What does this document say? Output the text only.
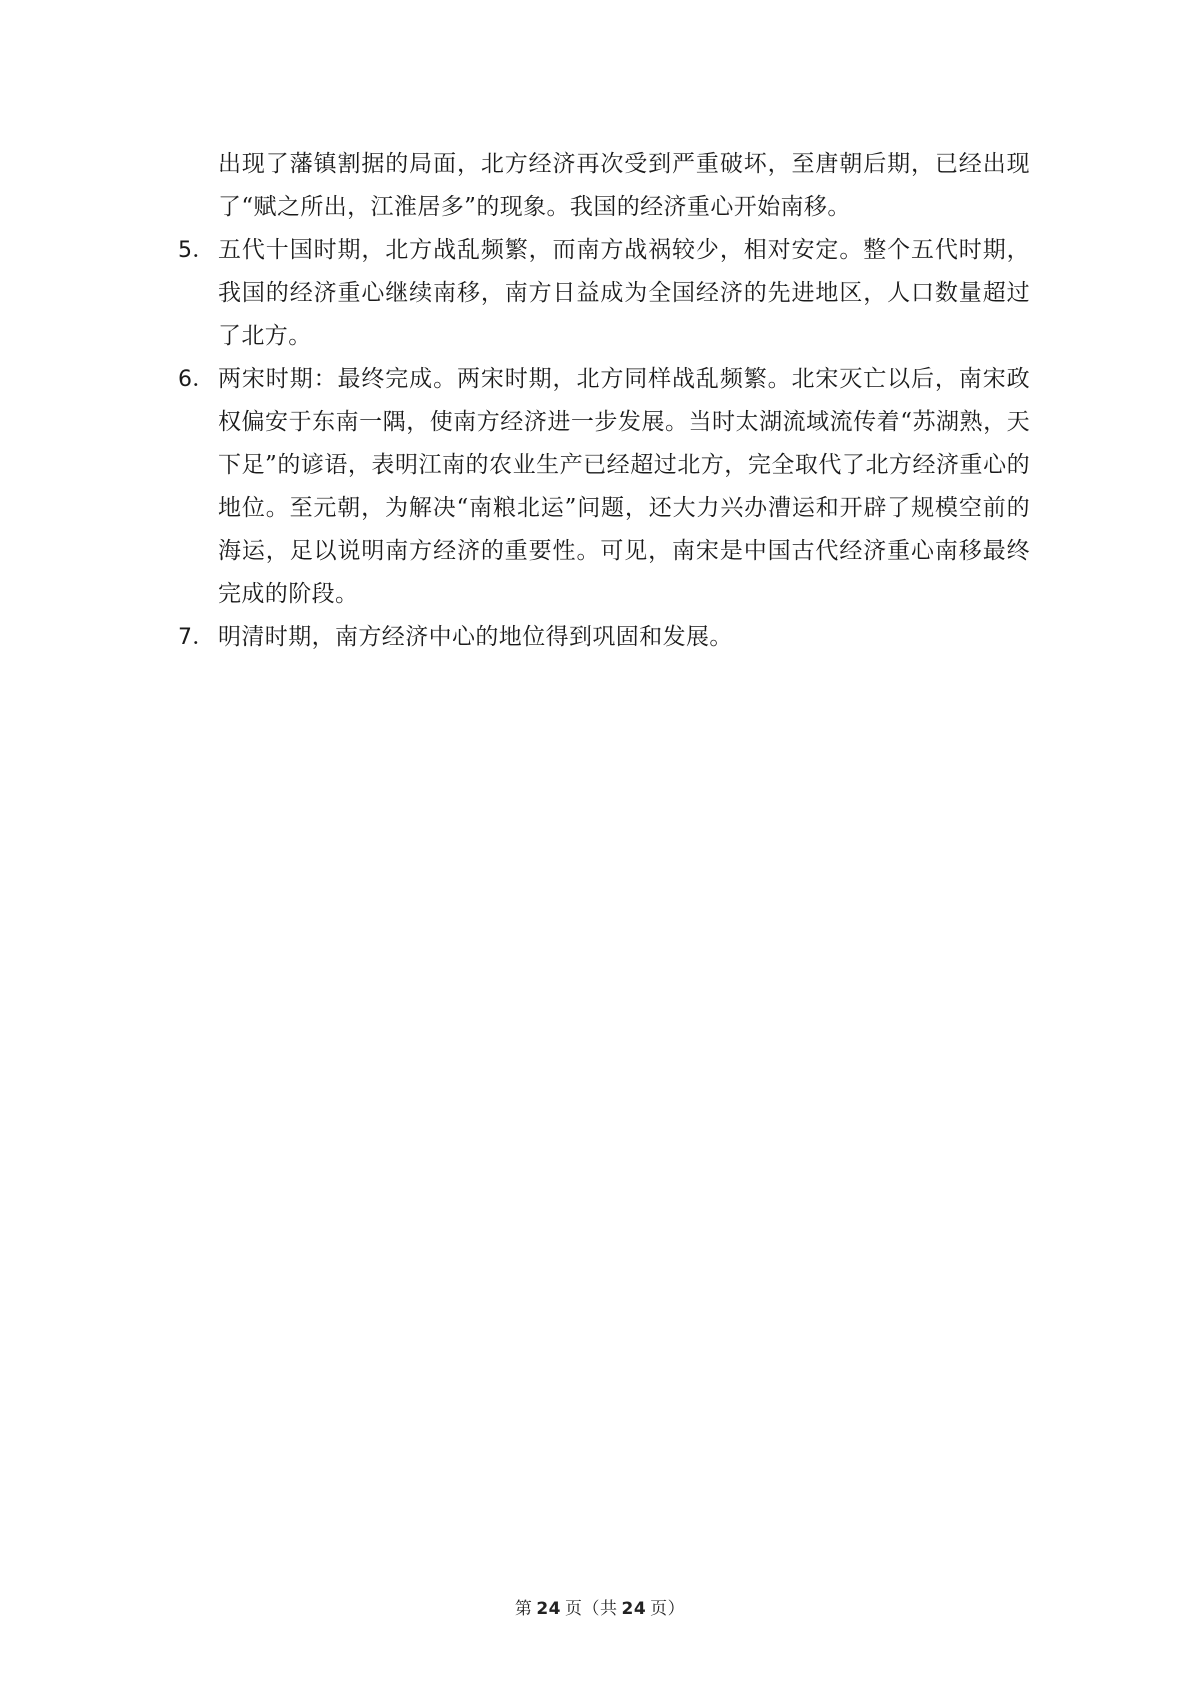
出现了藩镇割据的局面，北方经济再次受到严重破坏，至唐朝后期，已经出现了“赋之所出，江淮居多”的现象。我国的经济重心开始南移。

5． 五代十国时期，北方战乱频繁，而南方战祸较少，相对安定。整个五代时期，我国的经济重心继续南移，南方日益成为全国经济的先进地区，人口数量超过了北方。

6． 两宋时期：最终完成。两宋时期，北方同样战乱频繁。北宋灭亡以后，南宋政权偏安于东南一隅，使南方经济进一步发展。当时太湖流域流传着“苏湖熟，天下足”的谚语，表明江南的农业生产已经超过北方，完全取代了北方经济重心的地位。至元朝，为解决“南粮北运”问题，还大力兴办漕运和开辟了规模空前的海运，足以说明南方经济的重要性。可见，南宋是中国古代经济重心南移最终完成的阶段。

7． 明清时期，南方经济中心的地位得到巩固和发展。

第 24 页（共 24 页）
